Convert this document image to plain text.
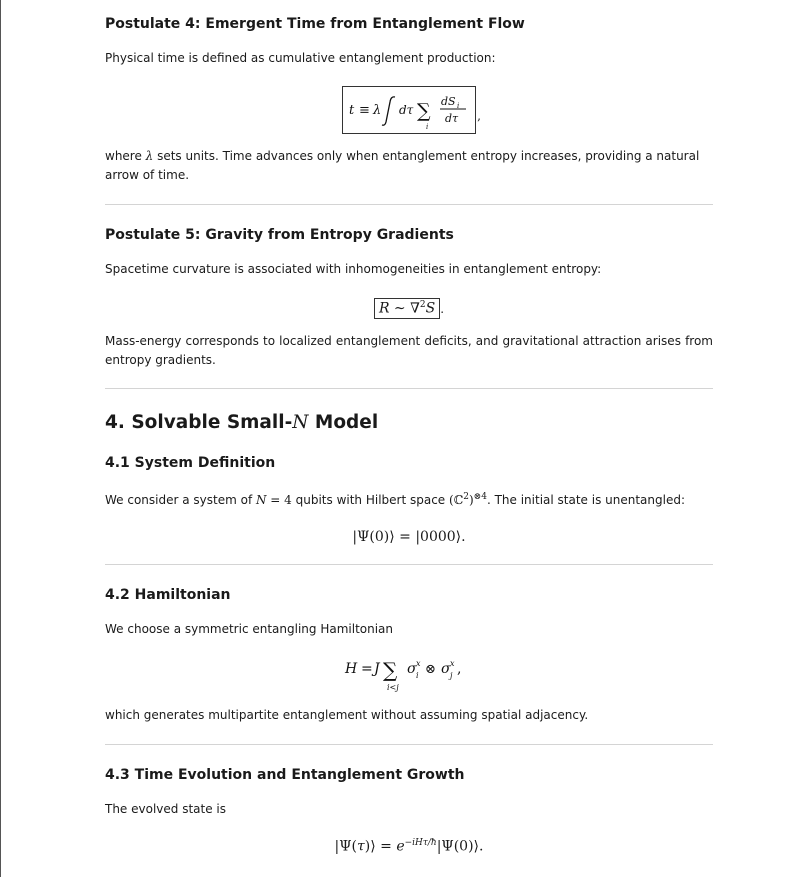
Postulate 4: Emergent Time from Entanglement Flow

Physical time is defined as cumulative entanglement production:

t ≡ λ dτ ∑
i
dS i
dτ ,

where λ sets units. Time advances only when entanglement entropy increases, providing a natural arrow of time.

Postulate 5: Gravity from Entropy Gradients

Spacetime curvature is associated with inhomogeneities in entanglement entropy:

R ∼ ∇$^2$S .

Mass-energy corresponds to localized entanglement deficits, and gravitational attraction arises from entropy gradients.

4. Solvable Small-N Model
4.1 System Definition

We consider a system of N = 4 qubits with Hilbert space (ℂ$^2$)$^{\otimes 4}$. The initial state is unentangled:

|Ψ(0)⟩ = |0000⟩.
4.2 Hamiltonian

We choose a symmetric entangling Hamiltonian

H = J ∑
i<j
σ x
i ⊗ σ x
j ,

which generates multipartite entanglement without assuming spatial adjacency.

4.3 Time Evolution and Entanglement Growth

The evolved state is

|Ψ(τ)⟩ = $e^{-iH\tau/ħ}|\Psi(0)⟩$.
